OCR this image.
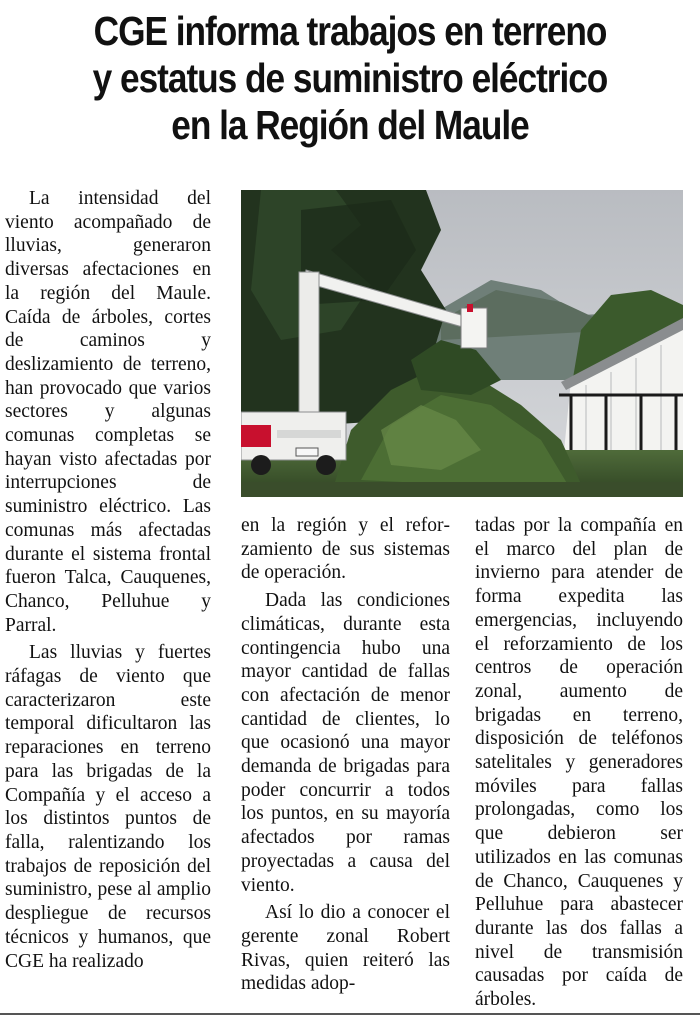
CGE informa trabajos en terreno
y estatus de suministro eléctrico
en la Región del Maule

La intensidad del viento acompañado de lluvias, generaron diversas afectaciones en la región del Maule. Caída de árboles, cortes de caminos y deslizamiento de terreno, han provocado que varios sectores y algunas comunas completas se hayan visto afectadas por interrupciones de suministro eléctrico. Las comunas más afectadas durante el sistema frontal fueron Talca, Cauquenes, Chanco, Pelluhue y Parral.

Las lluvias y fuertes ráfagas de viento que caracterizaron este temporal dificultaron las reparaciones en terreno para las brigadas de la Compañía y el acceso a los distintos puntos de falla, ralentizando los trabajos de reposición del suministro, pese al amplio despliegue de recursos técnicos y humanos, que CGE ha realizado

en la región y el reforzamiento de sus sistemas de operación.

Dada las condiciones climáticas, durante esta contingencia hubo una mayor cantidad de fallas con afectación de menor cantidad de clientes, lo que ocasionó una mayor demanda de brigadas para poder concurrir a todos los puntos, en su mayoría afectados por ramas proyectadas a causa del viento.

Así lo dio a conocer el gerente zonal Robert Rivas, quien reiteró las medidas adop-

tadas por la compañía en el marco del plan de invierno para atender de forma expedita las emergencias, incluyendo el reforzamiento de los centros de operación zonal, aumento de brigadas en terreno, disposición de teléfonos satelitales y generadores móviles para fallas prolongadas, como los que debieron ser utilizados en las comunas de Chanco, Cauquenes y Pelluhue para abastecer durante las dos fallas a nivel de transmisión causadas por caída de árboles.
